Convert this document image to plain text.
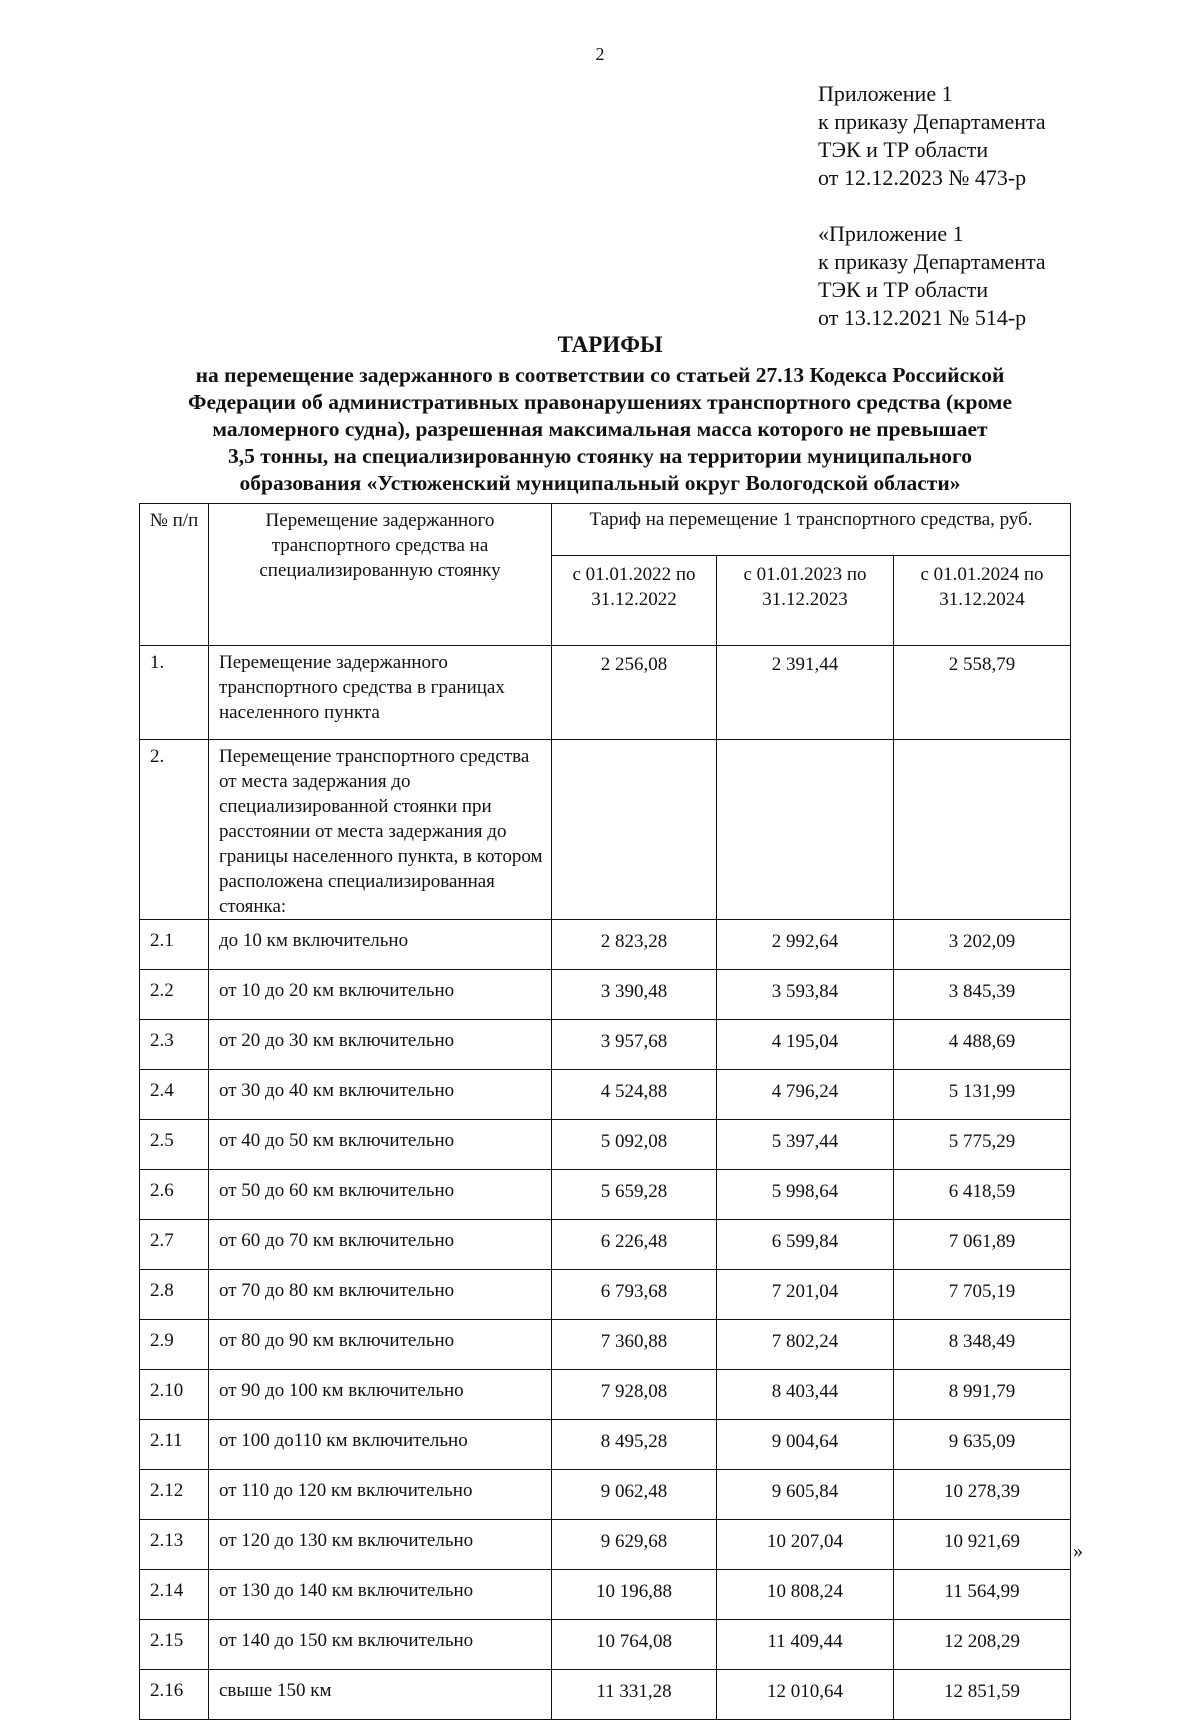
2
Приложение 1
к приказу Департамента
ТЭК и ТР области
от 12.12.2023 № 473-р
«Приложение 1
к приказу Департамента
ТЭК и ТР области
от 13.12.2021 № 514-р
ТАРИФЫ
на перемещение задержанного в соответствии со статьей 27.13 Кодекса Российской
Федерации об административных правонарушениях транспортного средства (кроме
маломерного судна), разрешенная максимальная масса которого не превышает
3,5 тонны, на специализированную стоянку на территории муниципального
образования «Устюженский муниципальный округ Вологодской области»
№ п/п	Перемещение задержанного транспортного средства на специализированную стоянку	Тариф на перемещение 1 транспортного средства, руб.		
		с 01.01.2022 по 31.12.2022	с 01.01.2023 по 31.12.2023	с 01.01.2024 по 31.12.2024
1.	Перемещение задержанного транспортного средства в границах населенного пункта	2 256,08	2 391,44	2 558,79
2.	Перемещение транспортного средства от места задержания до специализированной стоянки при расстоянии от места задержания до границы населенного пункта, в котором расположена специализированная стоянка:			
2.1	до 10 км включительно	2 823,28	2 992,64	3 202,09
2.2	от 10 до 20 км включительно	3 390,48	3 593,84	3 845,39
2.3	от 20 до 30 км включительно	3 957,68	4 195,04	4 488,69
2.4	от 30 до 40 км включительно	4 524,88	4 796,24	5 131,99
2.5	от 40 до 50 км включительно	5 092,08	5 397,44	5 775,29
2.6	от 50 до 60 км включительно	5 659,28	5 998,64	6 418,59
2.7	от 60 до 70 км включительно	6 226,48	6 599,84	7 061,89
2.8	от 70 до 80 км включительно	6 793,68	7 201,04	7 705,19
2.9	от 80 до 90 км включительно	7 360,88	7 802,24	8 348,49
2.10	от 90 до 100 км включительно	7 928,08	8 403,44	8 991,79
2.11	от 100 до110 км включительно	8 495,28	9 004,64	9 635,09
2.12	от 110 до 120 км включительно	9 062,48	9 605,84	10 278,39
2.13	от 120 до 130 км включительно	9 629,68	10 207,04	10 921,69
2.14	от 130 до 140 км включительно	10 196,88	10 808,24	11 564,99
2.15	от 140 до 150 км включительно	10 764,08	11 409,44	12 208,29
2.16	свыше 150 км	11 331,28	12 010,64	12 851,59
»
